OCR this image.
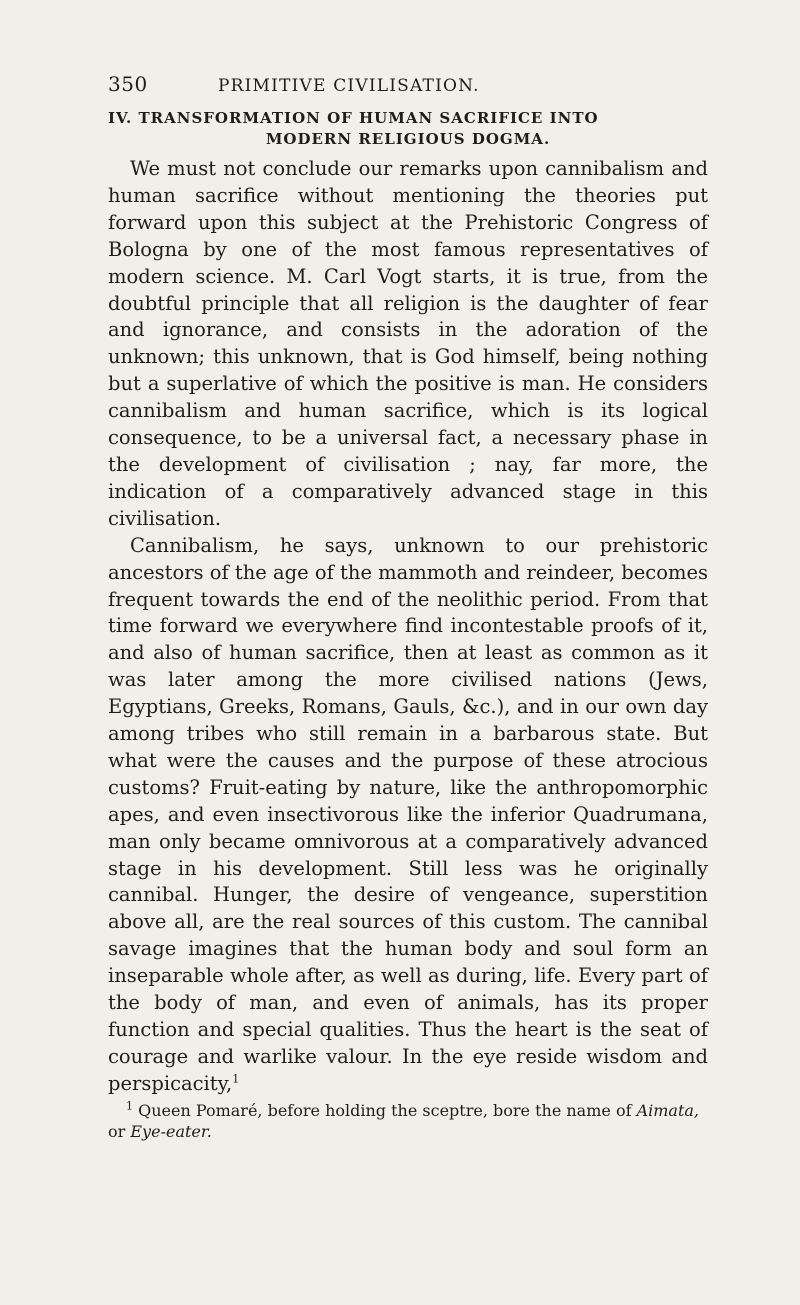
350	PRIMITIVE CIVILISATION.
IV. TRANSFORMATION OF HUMAN SACRIFICE INTO
MODERN RELIGIOUS DOGMA.

We must not conclude our remarks upon cannibalism and human sacrifice without mentioning the theories put forward upon this subject at the Prehistoric Congress of Bologna by one of the most famous representatives of modern science. M. Carl Vogt starts, it is true, from the doubtful principle that all religion is the daughter of fear and ignorance, and consists in the adoration of the unknown; this unknown, that is God himself, being nothing but a superlative of which the positive is man. He considers cannibalism and human sacrifice, which is its logical consequence, to be a universal fact, a necessary phase in the development of civilisation ; nay, far more, the indication of a comparatively advanced stage in this civilisation.

Cannibalism, he says, unknown to our prehistoric ancestors of the age of the mammoth and reindeer, becomes frequent towards the end of the neolithic period. From that time forward we everywhere find incontestable proofs of it, and also of human sacrifice, then at least as common as it was later among the more civilised nations (Jews, Egyptians, Greeks, Romans, Gauls, &c.), and in our own day among tribes who still remain in a barbarous state. But what were the causes and the purpose of these atrocious customs? Fruit-eating by nature, like the anthropomorphic apes, and even insectivorous like the inferior Quadrumana, man only became omnivorous at a comparatively advanced stage in his development. Still less was he originally cannibal. Hunger, the desire of vengeance, superstition above all, are the real sources of this custom. The cannibal savage imagines that the human body and soul form an inseparable whole after, as well as during, life. Every part of the body of man, and even of animals, has its proper function and special qualities. Thus the heart is the seat of courage and warlike valour. In the eye reside wisdom and perspicacity,$^1$

$^1$ Queen Pomaré, before holding the sceptre, bore the name of Aimata, or Eye-eater.
